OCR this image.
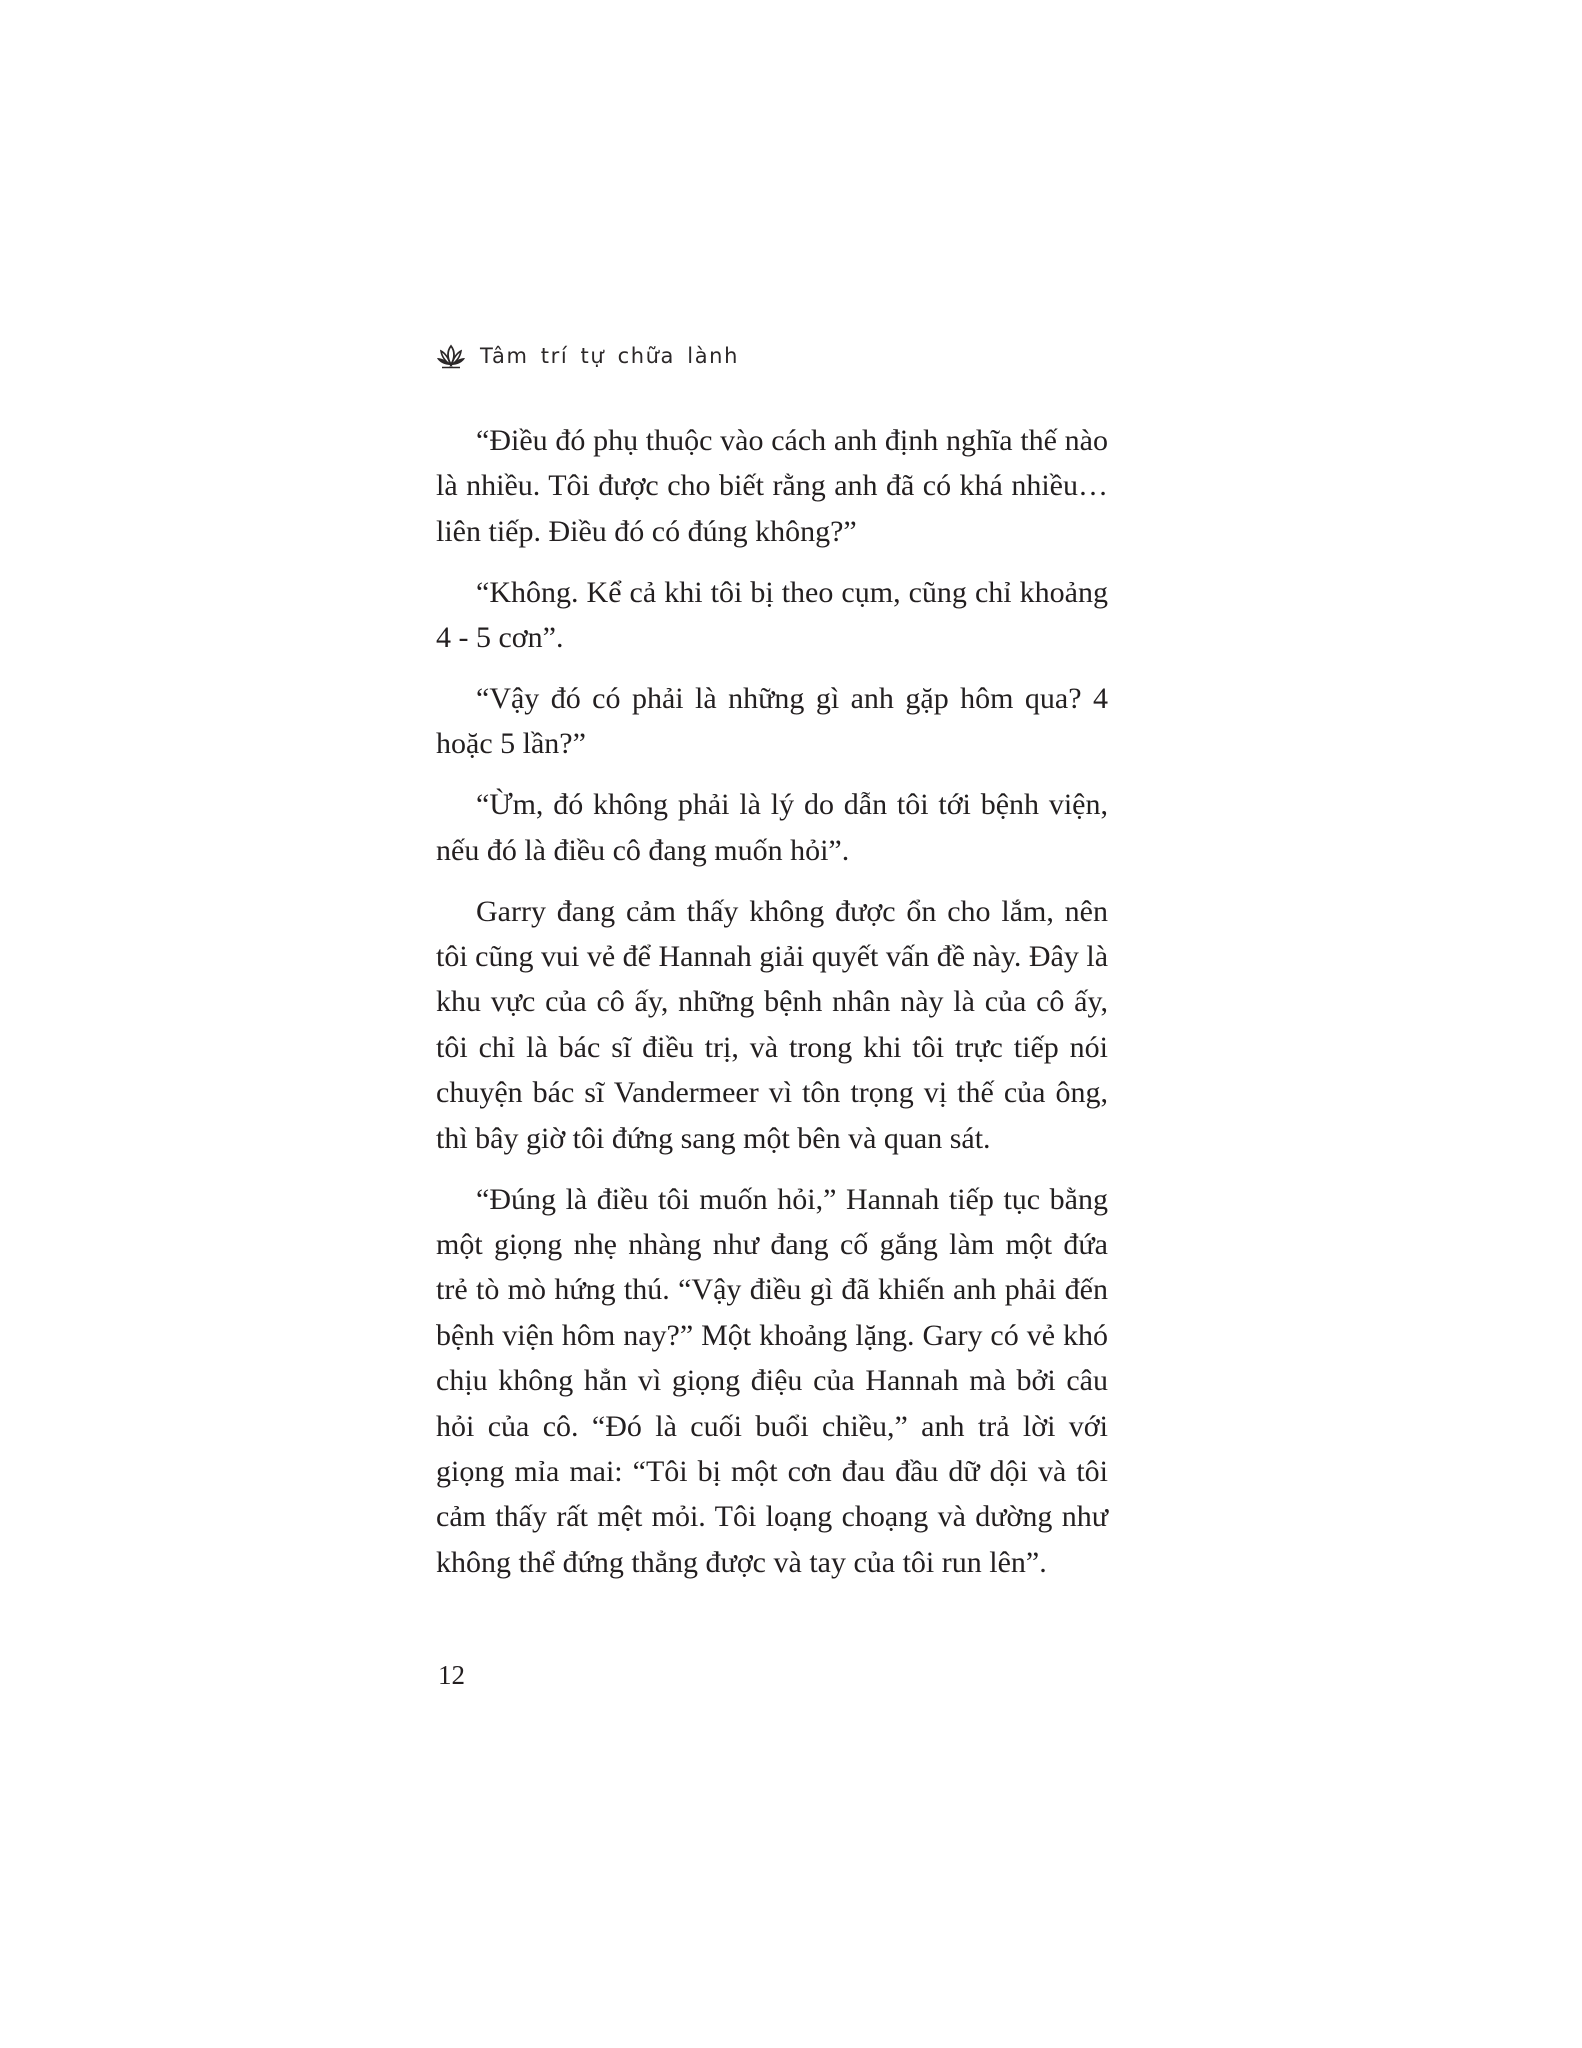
Tâm trí tự chữa lành

“Điều đó phụ thuộc vào cách anh định nghĩa thế nào là nhiều. Tôi được cho biết rằng anh đã có khá nhiều… liên tiếp. Điều đó có đúng không?”

“Không. Kể cả khi tôi bị theo cụm, cũng chỉ khoảng 4 - 5 cơn”.

“Vậy đó có phải là những gì anh gặp hôm qua? 4 hoặc 5 lần?”

“Ừm, đó không phải là lý do dẫn tôi tới bệnh viện, nếu đó là điều cô đang muốn hỏi”.

Garry đang cảm thấy không được ổn cho lắm, nên tôi cũng vui vẻ để Hannah giải quyết vấn đề này. Đây là khu vực của cô ấy, những bệnh nhân này là của cô ấy, tôi chỉ là bác sĩ điều trị, và trong khi tôi trực tiếp nói chuyện bác sĩ Vandermeer vì tôn trọng vị thế của ông, thì bây giờ tôi đứng sang một bên và quan sát.

“Đúng là điều tôi muốn hỏi,” Hannah tiếp tục bằng một giọng nhẹ nhàng như đang cố gắng làm một đứa trẻ tò mò hứng thú. “Vậy điều gì đã khiến anh phải đến bệnh viện hôm nay?” Một khoảng lặng. Gary có vẻ khó chịu không hẳn vì giọng điệu của Hannah mà bởi câu hỏi của cô. “Đó là cuối buổi chiều,” anh trả lời với giọng mỉa mai: “Tôi bị một cơn đau đầu dữ dội và tôi cảm thấy rất mệt mỏi. Tôi loạng choạng và dường như không thể đứng thẳng được và tay của tôi run lên”.

12
